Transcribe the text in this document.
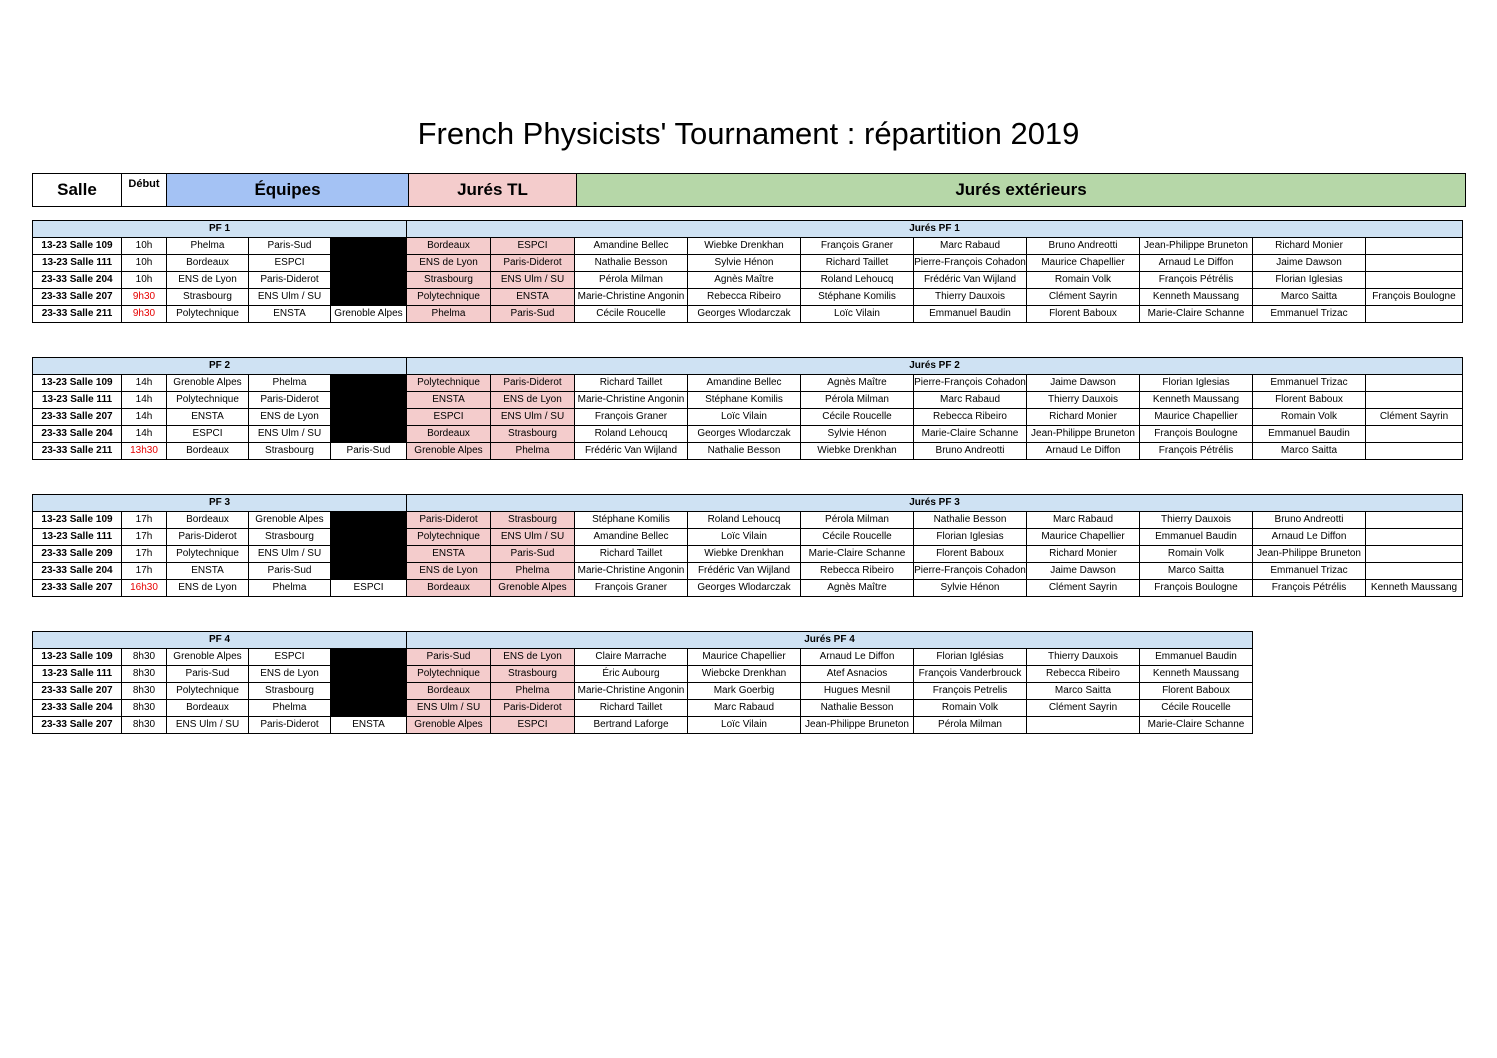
French Physicists' Tournament : répartition 2019
Salle	Début	Équipes	Jurés TL	Jurés extérieurs
PF 1					Jurés PF 1									
13-23 Salle 109	10h	Phelma	Paris-Sud		Bordeaux	ESPCI	Amandine Bellec	Wiebke Drenkhan	François Graner	Marc Rabaud	Bruno Andreotti	Jean-Philippe Bruneton	Richard Monier	
13-23 Salle 111	10h	Bordeaux	ESPCI		ENS de Lyon	Paris-Diderot	Nathalie Besson	Sylvie Hénon	Richard Taillet	Pierre-François Cohadon	Maurice Chapellier	Arnaud Le Diffon	Jaime Dawson	
23-33 Salle 204	10h	ENS de Lyon	Paris-Diderot		Strasbourg	ENS Ulm / SU	Pérola Milman	Agnès Maître	Roland Lehoucq	Frédéric Van Wijland	Romain Volk	François Pétrélis	Florian Iglesias	
23-33 Salle 207	9h30	Strasbourg	ENS Ulm / SU		Polytechnique	ENSTA	Marie-Christine Angonin	Rebecca Ribeiro	Stéphane Komilis	Thierry Dauxois	Clément Sayrin	Kenneth Maussang	Marco Saitta	François Boulogne
23-33 Salle 211	9h30	Polytechnique	ENSTA	Grenoble Alpes	Phelma	Paris-Sud	Cécile Roucelle	Georges Wlodarczak	Loïc Vilain	Emmanuel Baudin	Florent Baboux	Marie-Claire Schanne	Emmanuel Trizac	
PF 2					Jurés PF 2									
13-23 Salle 109	14h	Grenoble Alpes	Phelma		Polytechnique	Paris-Diderot	Richard Taillet	Amandine Bellec	Agnès Maître	Pierre-François Cohadon	Jaime Dawson	Florian Iglesias	Emmanuel Trizac	
13-23 Salle 111	14h	Polytechnique	Paris-Diderot		ENSTA	ENS de Lyon	Marie-Christine Angonin	Stéphane Komilis	Pérola Milman	Marc Rabaud	Thierry Dauxois	Kenneth Maussang	Florent Baboux	
23-33 Salle 207	14h	ENSTA	ENS de Lyon		ESPCI	ENS Ulm / SU	François Graner	Loïc Vilain	Cécile Roucelle	Rebecca Ribeiro	Richard Monier	Maurice Chapellier	Romain Volk	Clément Sayrin
23-33 Salle 204	14h	ESPCI	ENS Ulm / SU		Bordeaux	Strasbourg	Roland Lehoucq	Georges Wlodarczak	Sylvie Hénon	Marie-Claire Schanne	Jean-Philippe Bruneton	François Boulogne	Emmanuel Baudin	
23-33 Salle 211	13h30	Bordeaux	Strasbourg	Paris-Sud	Grenoble Alpes	Phelma	Frédéric Van Wijland	Nathalie Besson	Wiebke Drenkhan	Bruno Andreotti	Arnaud Le Diffon	François Pétrélis	Marco Saitta	
PF 3					Jurés PF 3									
13-23 Salle 109	17h	Bordeaux	Grenoble Alpes		Paris-Diderot	Strasbourg	Stéphane Komilis	Roland Lehoucq	Pérola Milman	Nathalie Besson	Marc Rabaud	Thierry Dauxois	Bruno Andreotti	
13-23 Salle 111	17h	Paris-Diderot	Strasbourg		Polytechnique	ENS Ulm / SU	Amandine Bellec	Loïc Vilain	Cécile Roucelle	Florian Iglesias	Maurice Chapellier	Emmanuel Baudin	Arnaud Le Diffon	
23-33 Salle 209	17h	Polytechnique	ENS Ulm / SU		ENSTA	Paris-Sud	Richard Taillet	Wiebke Drenkhan	Marie-Claire Schanne	Florent Baboux	Richard Monier	Romain Volk	Jean-Philippe Bruneton	
23-33 Salle 204	17h	ENSTA	Paris-Sud		ENS de Lyon	Phelma	Marie-Christine Angonin	Frédéric Van Wijland	Rebecca Ribeiro	Pierre-François Cohadon	Jaime Dawson	Marco Saitta	Emmanuel Trizac	
23-33 Salle 207	16h30	ENS de Lyon	Phelma	ESPCI	Bordeaux	Grenoble Alpes	François Graner	Georges Wlodarczak	Agnès Maître	Sylvie Hénon	Clément Sayrin	François Boulogne	François Pétrélis	Kenneth Maussang
PF 4					Jurés PF 4							
13-23 Salle 109	8h30	Grenoble Alpes	ESPCI		Paris-Sud	ENS de Lyon	Claire Marrache	Maurice Chapellier	Arnaud Le Diffon	Florian Iglésias	Thierry Dauxois	Emmanuel Baudin
13-23 Salle 111	8h30	Paris-Sud	ENS de Lyon		Polytechnique	Strasbourg	Éric Aubourg	Wiebcke Drenkhan	Atef Asnacios	François Vanderbrouck	Rebecca Ribeiro	Kenneth Maussang
23-33 Salle 207	8h30	Polytechnique	Strasbourg		Bordeaux	Phelma	Marie-Christine Angonin	Mark Goerbig	Hugues Mesnil	François Petrelis	Marco Saitta	Florent Baboux
23-33 Salle 204	8h30	Bordeaux	Phelma		ENS Ulm / SU	Paris-Diderot	Richard Taillet	Marc Rabaud	Nathalie Besson	Romain Volk	Clément Sayrin	Cécile Roucelle
23-33 Salle 207	8h30	ENS Ulm / SU	Paris-Diderot	ENSTA	Grenoble Alpes	ESPCI	Bertrand Laforge	Loïc Vilain	Jean-Philippe Bruneton	Pérola Milman		Marie-Claire Schanne
